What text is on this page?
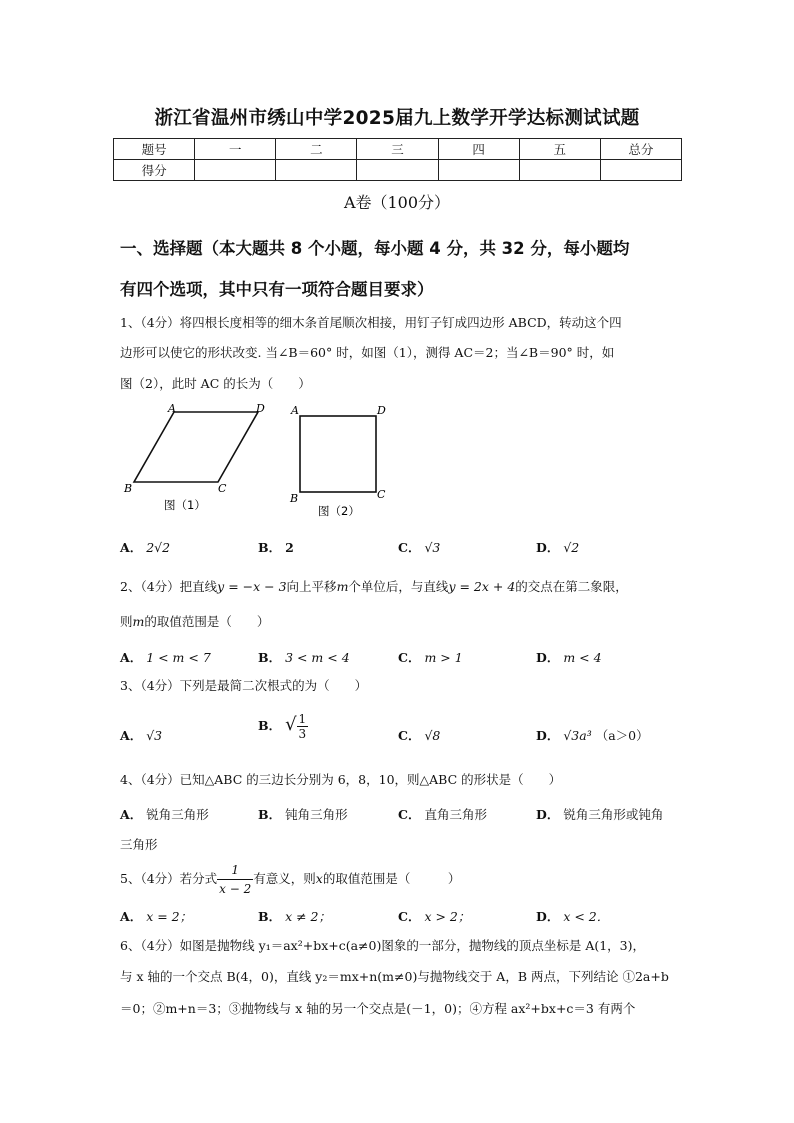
浙江省温州市绣山中学2025届九上数学开学达标测试试题
题号	一	二	三	四	五	总分
得分						
A卷（100分）
一、选择题（本大题共 8 个小题，每小题 4 分，共 32 分，每小题均
有四个选项，其中只有一项符合题目要求）
1、（4分）将四根长度相等的细木条首尾顺次相接，用钉子钉成四边形 ABCD，转动这个四
边形可以使它的形状改变. 当∠B＝60° 时，如图（1），测得 AC＝2；当∠B＝90° 时，如
图（2），此时 AC 的长为（　　）
A	D
B	C
图（1）
A	D
B	C
图（2）
A． 2√2	B． 2	C． √3	D． √2
2、（4分）把直线y = −x − 3向上平移m个单位后，与直线y = 2x + 4的交点在第二象限，
则m的取值范围是（　　）
A． 1 < m < 7	B． 3 < m < 4	C． m > 1	D． m < 4
3、（4分）下列是最简二次根式的为（　　）
A． √3
B． √ $\frac{1}{3}$	C． √8	D． √3a³ （a＞0）
4、（4分）已知△ABC 的三边长分别为 6，8，10，则△ABC 的形状是（　　）
A． 锐角三角形	B． 钝角三角形	C． 直角三角形	D． 锐角三角形或钝角
三角形
5、（4分）若分式 $\frac{1}{x - 2}$ 有意义，则x的取值范围是（　　　）
A． x = 2；	B． x ≠ 2；	C． x > 2；	D． x < 2．
6、（4分）如图是抛物线 y₁＝ax²+bx+c(a≠0)图象的一部分，抛物线的顶点坐标是 A(1，3)，
与 x 轴的一个交点 B(4，0)，直线 y₂＝mx+n(m≠0)与抛物线交于 A，B 两点，下列结论 ①2a+b
＝0；②m+n＝3；③抛物线与 x 轴的另一个交点是(－1，0)；④方程 ax²+bx+c＝3 有两个
